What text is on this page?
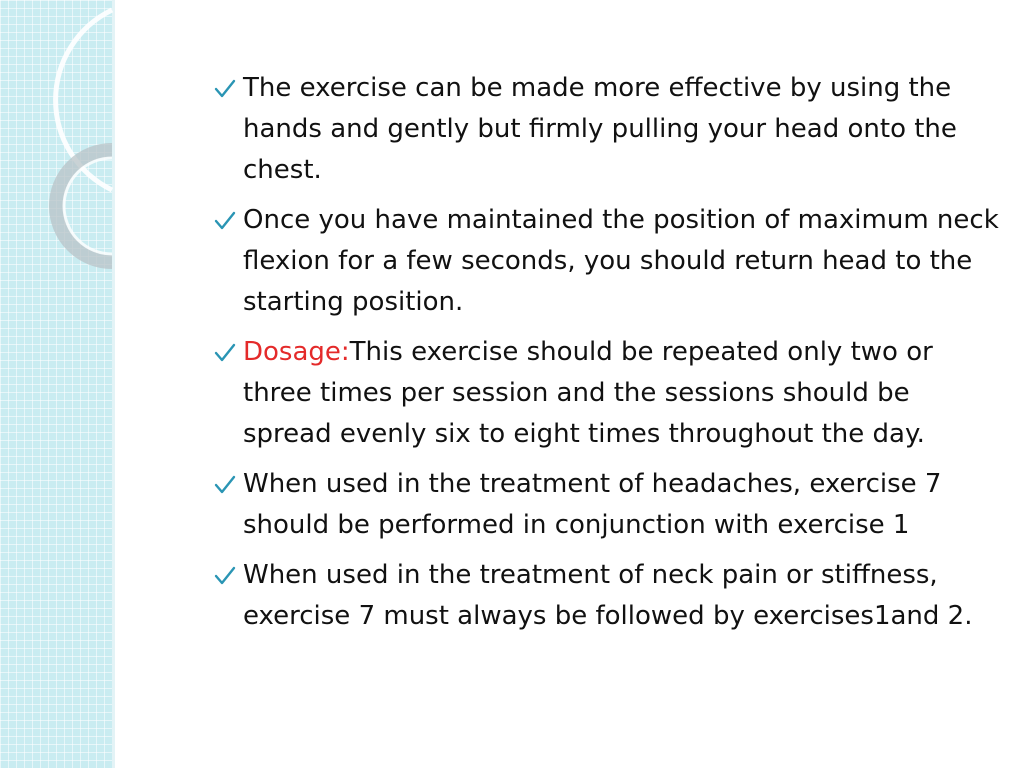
The exercise can be made more effective by using the hands and gently but firmly pulling your head onto the chest.
Once you have maintained the position of maximum neck flexion for a few seconds, you should return head to the starting position.
Dosage:This exercise should be repeated only two or three times per session and the sessions should be spread evenly six to eight times throughout the day.
When used in the treatment of headaches, exercise 7 should be performed in conjunction with exercise 1
When used in the treatment of neck pain or stiffness, exercise 7 must always be followed by exercises1and 2.
